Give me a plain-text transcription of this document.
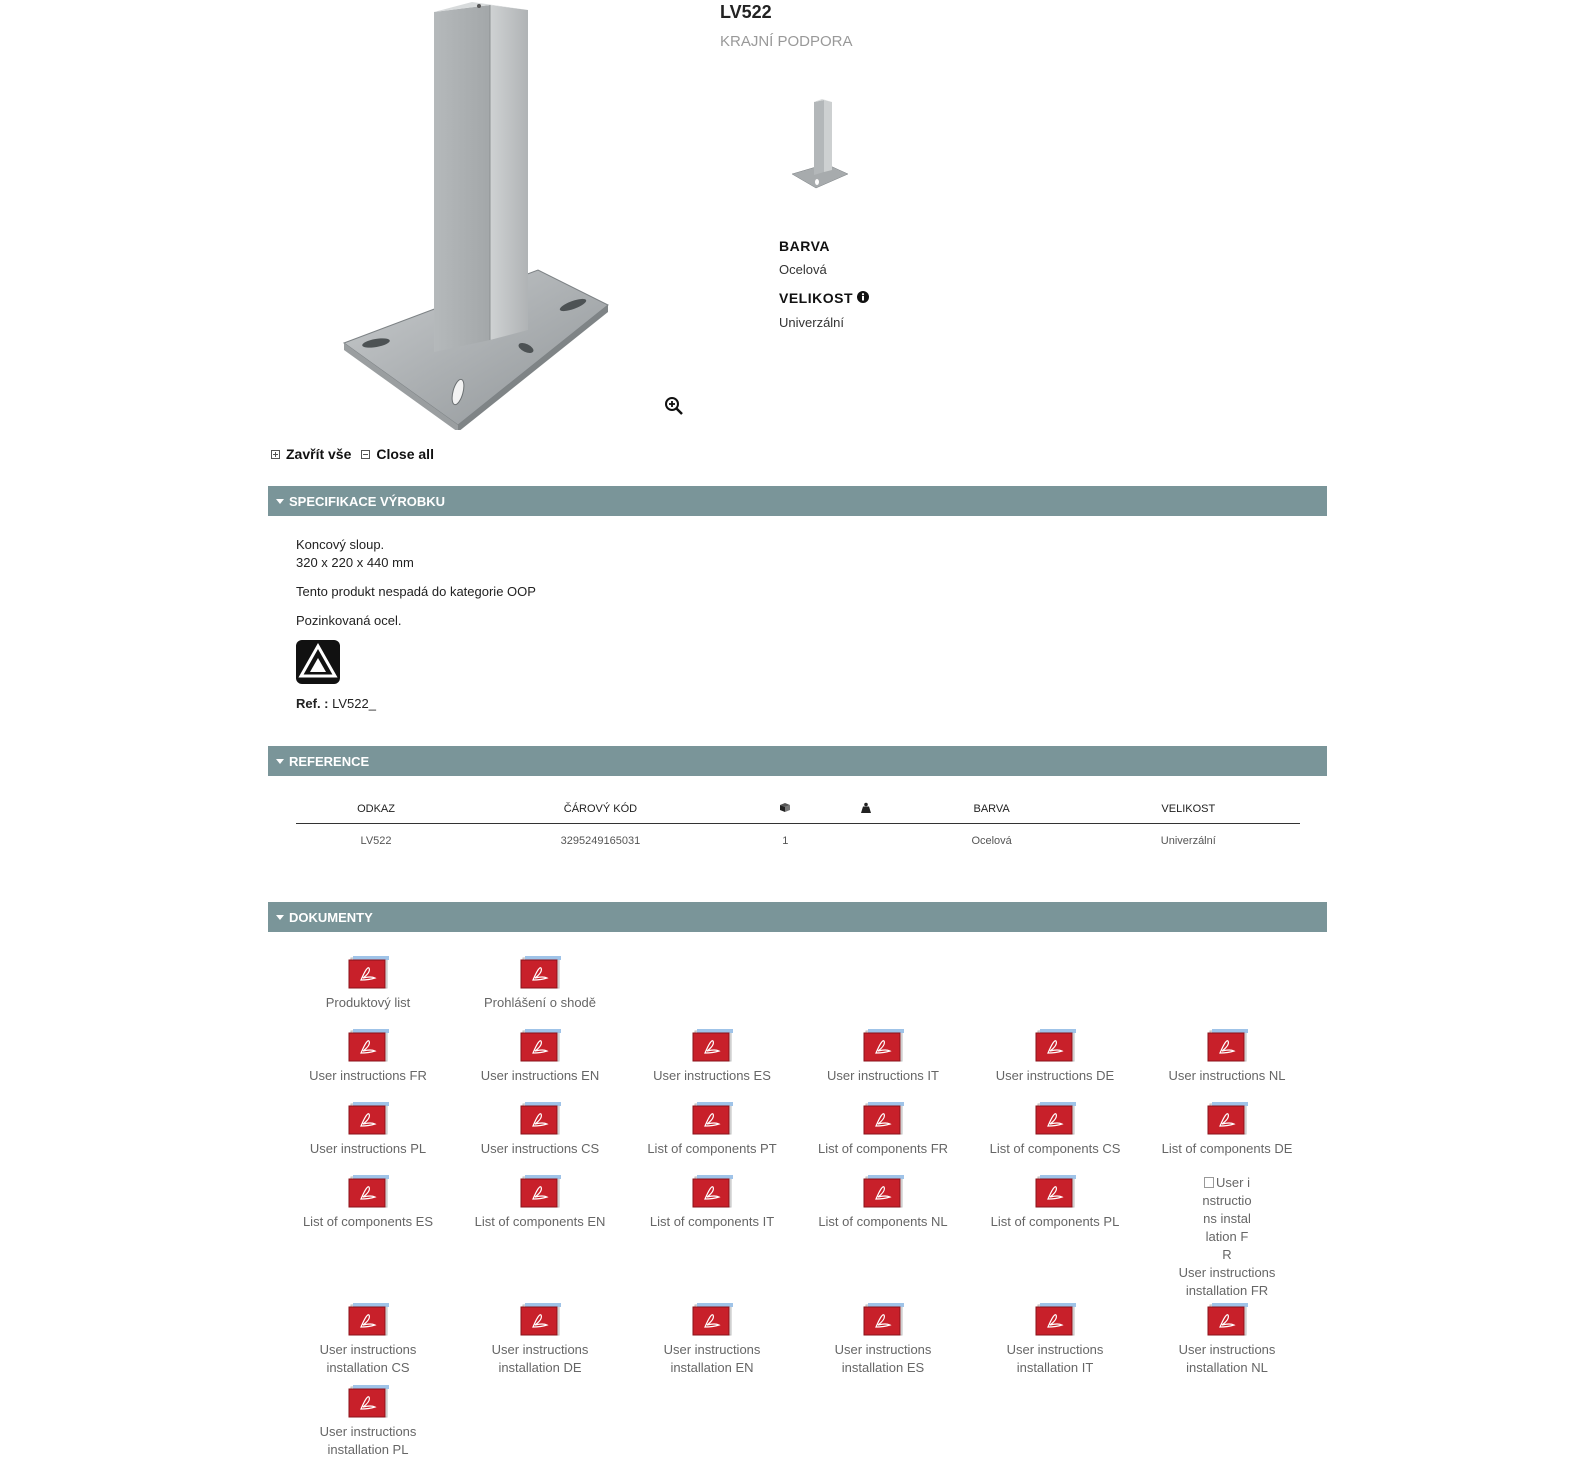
LV522
KRAJNÍ PODPORA
BARVA
Ocelová
VELIKOST
Univerzální
Zavřít vše Close all
SPECIFIKACE VÝROBKU
Koncový sloup.
320 x 220 x 440 mm
Tento produkt nespadá do kategorie OOP
Pozinkovaná ocel.
Ref. : LV522_
REFERENCE
ODKAZ	ČÁROVÝ KÓD			BARVA	VELIKOST
LV522	3295249165031	1		Ocelová	Univerzální
DOKUMENTY
Produktový list	Prohlášení o shodě
User instructions FR	User instructions EN	User instructions ES	User instructions IT	User instructions DE	User instructions NL
User instructions PL	User instructions CS	List of components PT	List of components FR	List of components CS	List of components DE
List of components ES	List of components EN	List of components IT	List of components NL	List of components PL
User instructions installation CS
User instructions installation DE
User instructions installation EN
User instructions installation ES
User instructions installation IT
User instructions installation NL
User instructions installation PL
User instructions installation FR
User instructions installation FR
